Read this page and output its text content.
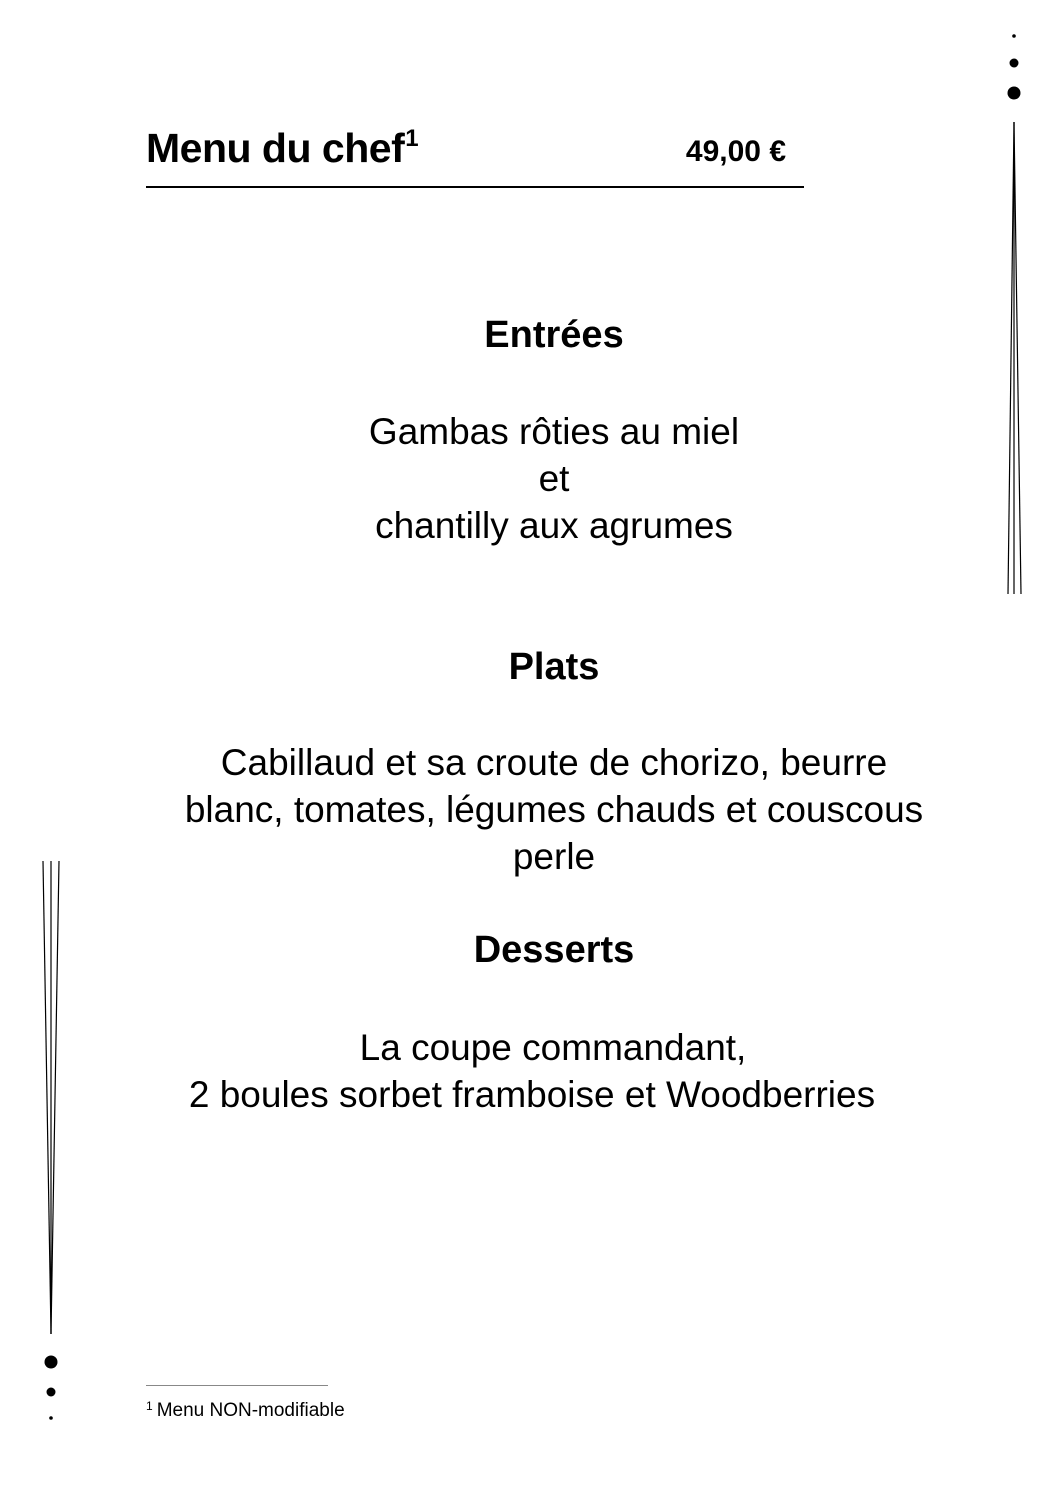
Menu du chef$^1$	49,00 €
Entrées
Gambas rôties au miel
et
chantilly aux agrumes
Plats
Cabillaud et sa croute de chorizo, beurre
blanc, tomates, légumes chauds et couscous
perle
Desserts
La coupe commandant,
2 boules sorbet framboise et Woodberries
$^1$ Menu NON-modifiable
